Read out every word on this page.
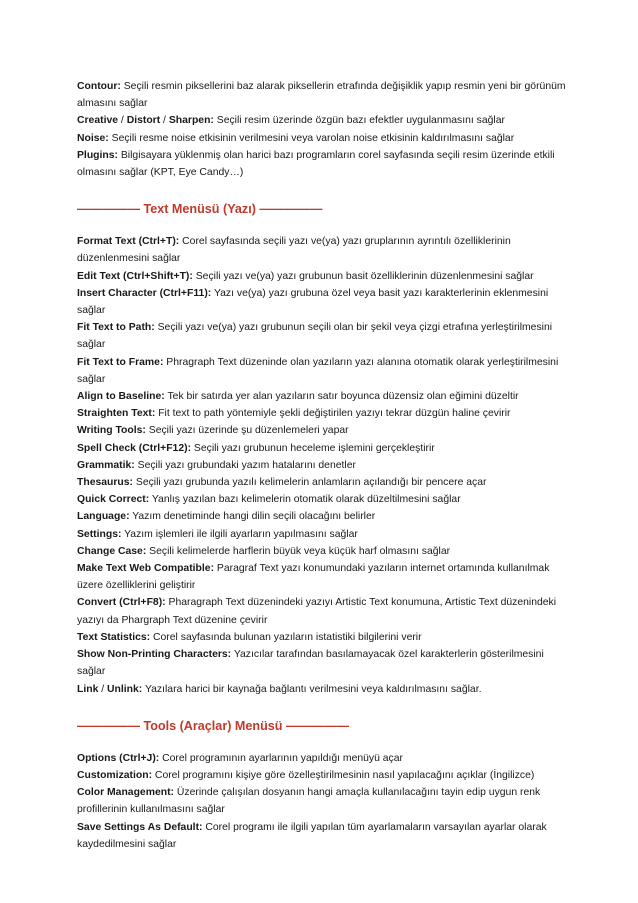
Contour: Seçili resmin piksellerini baz alarak piksellerin etrafında değişiklik yapıp resmin yeni bir görünüm almasını sağlar

Creative / Distort / Sharpen: Seçili resim üzerinde özgün bazı efektler uygulanmasını sağlar

Noise: Seçili resme noise etkisinin verilmesini veya varolan noise etkisinin kaldırılmasını sağlar

Plugins: Bilgisayara yüklenmiş olan harici bazı programların corel sayfasında seçili resim üzerinde etkili olmasını sağlar (KPT, Eye Candy…)

————— Text Menüsü (Yazı) —————

Format Text (Ctrl+T): Corel sayfasında seçili yazı ve(ya) yazı gruplarının ayrıntılı özelliklerinin düzenlenmesini sağlar

Edit Text (Ctrl+Shift+T): Seçili yazı ve(ya) yazı grubunun basit özelliklerinin düzenlenmesini sağlar

Insert Character (Ctrl+F11): Yazı ve(ya) yazı grubuna özel veya basit yazı karakterlerinin eklenmesini sağlar

Fit Text to Path: Seçili yazı ve(ya) yazı grubunun seçili olan bir şekil veya çizgi etrafına yerleştirilmesini sağlar

Fit Text to Frame: Phragraph Text düzeninde olan yazıların yazı alanına otomatik olarak yerleştirilmesini sağlar

Align to Baseline: Tek bir satırda yer alan yazıların satır boyunca düzensiz olan eğimini düzeltir

Straighten Text: Fit text to path yöntemiyle şekli değiştirilen yazıyı tekrar düzgün haline çevirir

Writing Tools: Seçili yazı üzerinde şu düzenlemeleri yapar

Spell Check (Ctrl+F12): Seçili yazı grubunun heceleme işlemini gerçekleştirir

Grammatik: Seçili yazı grubundaki yazım hatalarını denetler

Thesaurus: Seçili yazı grubunda yazılı kelimelerin anlamların açılandığı bir pencere açar

Quick Correct: Yanlış yazılan bazı kelimelerin otomatik olarak düzeltilmesini sağlar

Language: Yazım denetiminde hangi dilin seçili olacağını belirler

Settings: Yazım işlemleri ile ilgili ayarların yapılmasını sağlar

Change Case: Seçili kelimelerde harflerin büyük veya küçük harf olmasını sağlar

Make Text Web Compatible: Paragraf Text yazı konumundaki yazıların internet ortamında kullanılmak üzere özelliklerini geliştirir

Convert (Ctrl+F8): Pharagraph Text düzenindeki yazıyı Artistic Text konumuna, Artistic Text düzenindeki yazıyı da Phargraph Text düzenine çevirir

Text Statistics: Corel sayfasında bulunan yazıların istatistiki bilgilerini verir

Show Non-Printing Characters: Yazıcılar tarafından basılamayacak özel karakterlerin gösterilmesini sağlar

Link / Unlink: Yazılara harici bir kaynağa bağlantı verilmesini veya kaldırılmasını sağlar.

————— Tools (Araçlar) Menüsü —————

Options (Ctrl+J): Corel programının ayarlarının yapıldığı menüyü açar

Customization: Corel programını kişiye göre özelleştirilmesinin nasıl yapılacağını açıklar (İngilizce)

Color Management: Üzerinde çalışılan dosyanın hangi amaçla kullanılacağını tayin edip uygun renk profillerinin kullanılmasını sağlar

Save Settings As Default: Corel programı ile ilgili yapılan tüm ayarlamaların varsayılan ayarlar olarak kaydedilmesini sağlar
